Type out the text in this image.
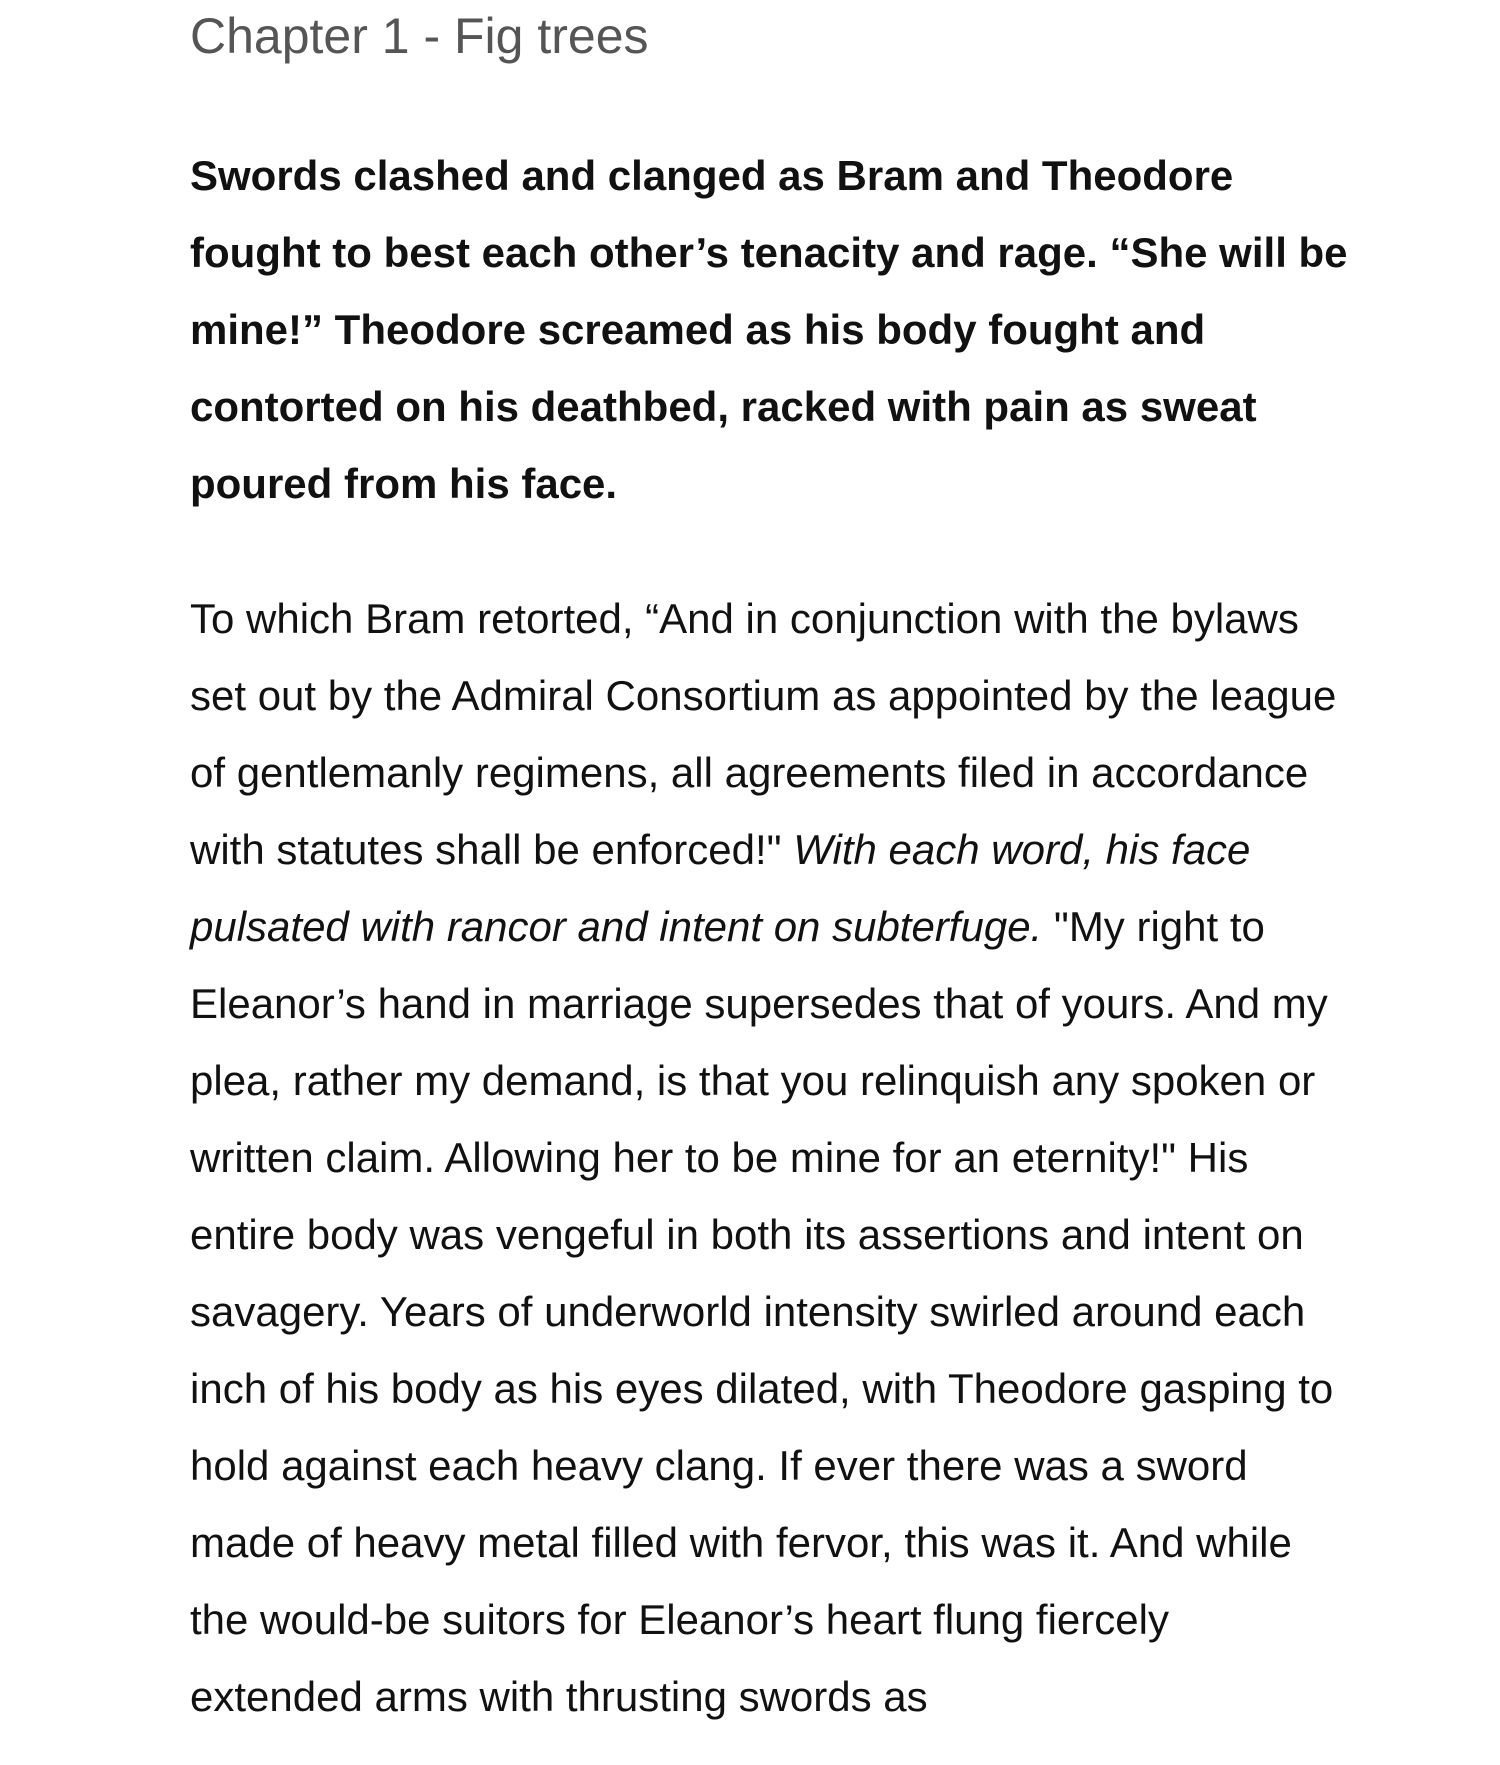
Chapter 1 - Fig trees

Swords clashed and clanged as Bram and Theodore fought to best each other’s tenacity and rage. “She will be mine!” Theodore screamed as his body fought and contorted on his deathbed, racked with pain as sweat poured from his face.

To which Bram retorted, “And in conjunction with the bylaws set out by the Admiral Consortium as appointed by the league of gentlemanly regimens, all agreements filed in accordance with statutes shall be enforced!" With each word, his face pulsated with rancor and intent on subterfuge. "My right to Eleanor’s hand in marriage supersedes that of yours. And my plea, rather my demand, is that you relinquish any spoken or written claim. Allowing her to be mine for an eternity!" His entire body was vengeful in both its assertions and intent on savagery. Years of underworld intensity swirled around each inch of his body as his eyes dilated, with Theodore gasping to hold against each heavy clang. If ever there was a sword made of heavy metal filled with fervor, this was it. And while the would-be suitors for Eleanor’s heart flung fiercely extended arms with thrusting swords as
